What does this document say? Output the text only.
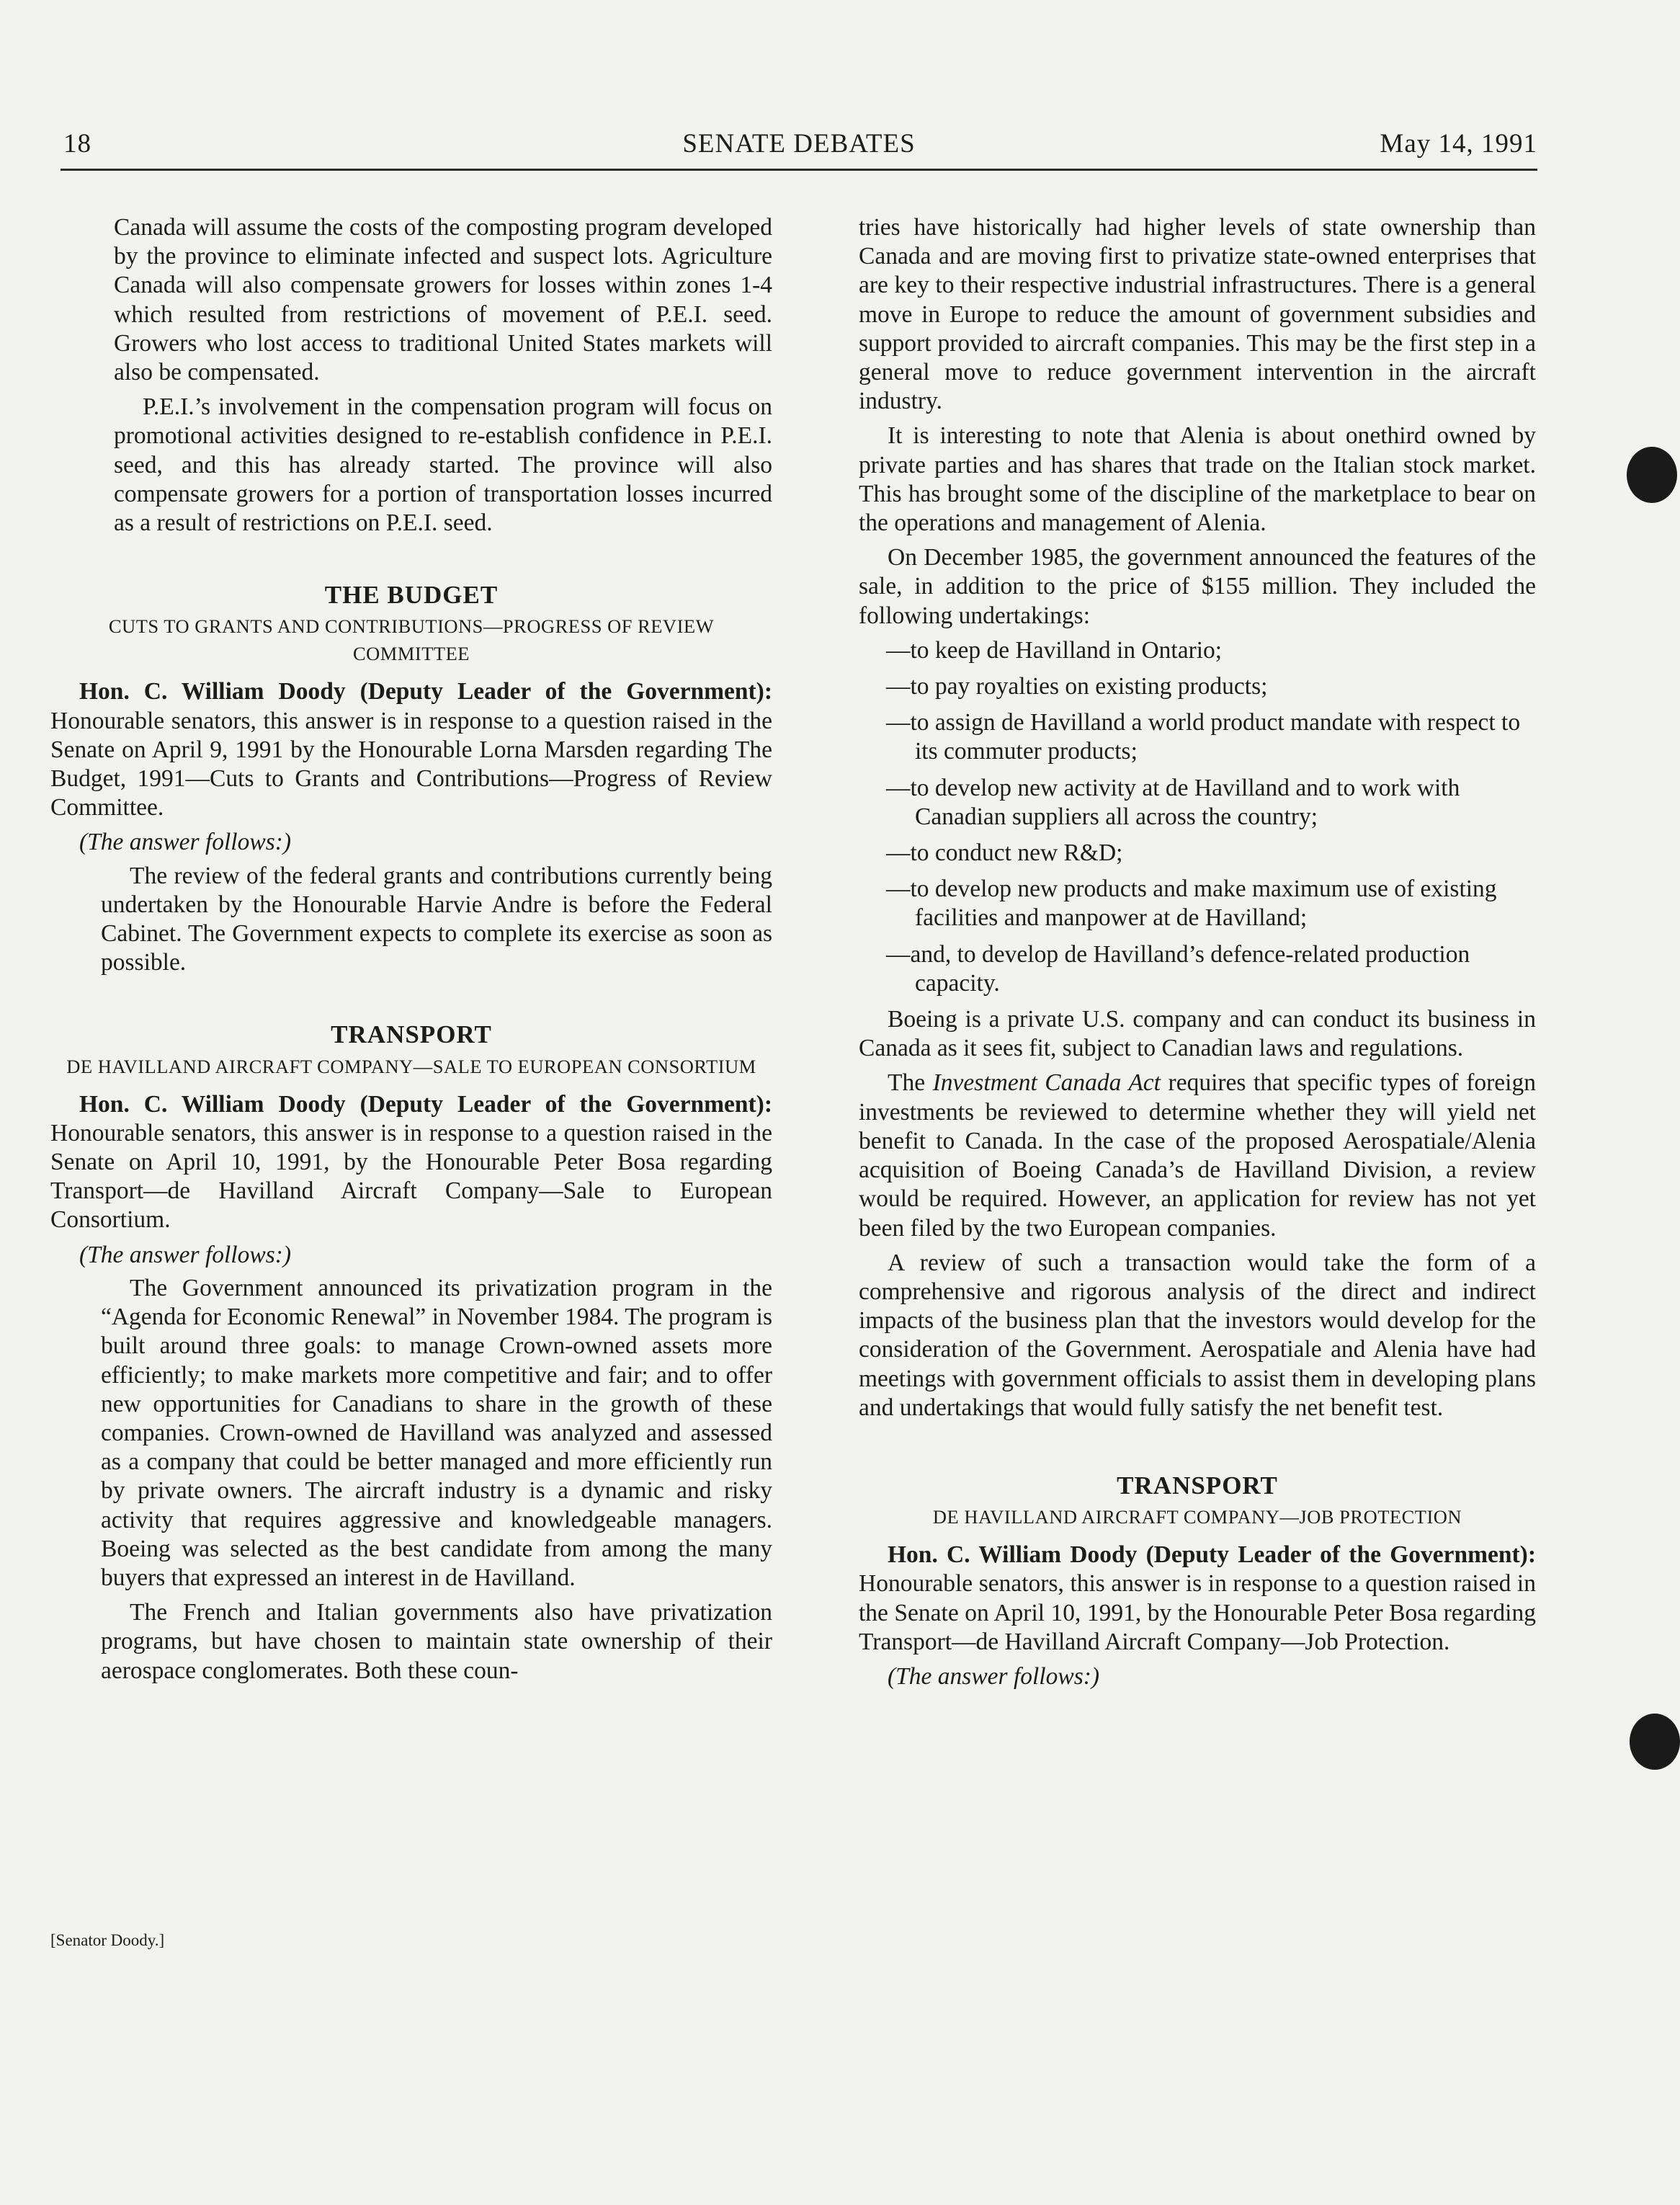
18	SENATE DEBATES	May 14, 1991

Canada will assume the costs of the composting program developed by the province to eliminate infected and suspect lots. Agriculture Canada will also compensate growers for losses within zones 1-4 which resulted from restrictions of movement of P.E.I. seed. Growers who lost access to traditional United States markets will also be compensated.

P.E.I.’s involvement in the compensation program will focus on promotional activities designed to re-establish confidence in P.E.I. seed, and this has already started. The province will also compensate growers for a portion of transportation losses incurred as a result of restrictions on P.E.I. seed.

THE BUDGET
CUTS TO GRANTS AND CONTRIBUTIONS—PROGRESS OF REVIEW COMMITTEE

Hon. C. William Doody (Deputy Leader of the Government): Honourable senators, this answer is in response to a question raised in the Senate on April 9, 1991 by the Honourable Lorna Marsden regarding The Budget, 1991—Cuts to Grants and Contributions—Progress of Review Committee.

(The answer follows:)

The review of the federal grants and contributions currently being undertaken by the Honourable Harvie Andre is before the Federal Cabinet. The Government expects to complete its exercise as soon as possible.

TRANSPORT
DE HAVILLAND AIRCRAFT COMPANY—SALE TO EUROPEAN CONSORTIUM

Hon. C. William Doody (Deputy Leader of the Government): Honourable senators, this answer is in response to a question raised in the Senate on April 10, 1991, by the Honourable Peter Bosa regarding Transport—de Havilland Aircraft Company—Sale to European Consortium.

(The answer follows:)

The Government announced its privatization program in the “Agenda for Economic Renewal” in November 1984. The program is built around three goals: to manage Crown-owned assets more efficiently; to make markets more competitive and fair; and to offer new opportunities for Canadians to share in the growth of these companies. Crown-owned de Havilland was analyzed and assessed as a company that could be better managed and more efficiently run by private owners. The aircraft industry is a dynamic and risky activity that requires aggressive and knowledgeable managers. Boeing was selected as the best candidate from among the many buyers that expressed an interest in de Havilland.

The French and Italian governments also have privatization programs, but have chosen to maintain state ownership of their aerospace conglomerates. Both these coun-

[Senator Doody.]

tries have historically had higher levels of state ownership than Canada and are moving first to privatize state-owned enterprises that are key to their respective industrial infrastructures. There is a general move in Europe to reduce the amount of government subsidies and support provided to aircraft companies. This may be the first step in a general move to reduce government intervention in the aircraft industry.

It is interesting to note that Alenia is about onethird owned by private parties and has shares that trade on the Italian stock market. This has brought some of the discipline of the marketplace to bear on the operations and management of Alenia.

On December 1985, the government announced the features of the sale, in addition to the price of $155 million. They included the following undertakings:

—to keep de Havilland in Ontario;
—to pay royalties on existing products;
—to assign de Havilland a world product mandate with respect to its commuter products;
—to develop new activity at de Havilland and to work with Canadian suppliers all across the country;
—to conduct new R&D;
—to develop new products and make maximum use of existing facilities and manpower at de Havilland;
—and, to develop de Havilland’s defence-related production capacity.

Boeing is a private U.S. company and can conduct its business in Canada as it sees fit, subject to Canadian laws and regulations.

The Investment Canada Act requires that specific types of foreign investments be reviewed to determine whether they will yield net benefit to Canada. In the case of the proposed Aerospatiale/Alenia acquisition of Boeing Canada’s de Havilland Division, a review would be required. However, an application for review has not yet been filed by the two European companies.

A review of such a transaction would take the form of a comprehensive and rigorous analysis of the direct and indirect impacts of the business plan that the investors would develop for the consideration of the Government. Aerospatiale and Alenia have had meetings with government officials to assist them in developing plans and undertakings that would fully satisfy the net benefit test.

TRANSPORT
DE HAVILLAND AIRCRAFT COMPANY—JOB PROTECTION

Hon. C. William Doody (Deputy Leader of the Government): Honourable senators, this answer is in response to a question raised in the Senate on April 10, 1991, by the Honourable Peter Bosa regarding Transport—de Havilland Aircraft Company—Job Protection.

(The answer follows:)
